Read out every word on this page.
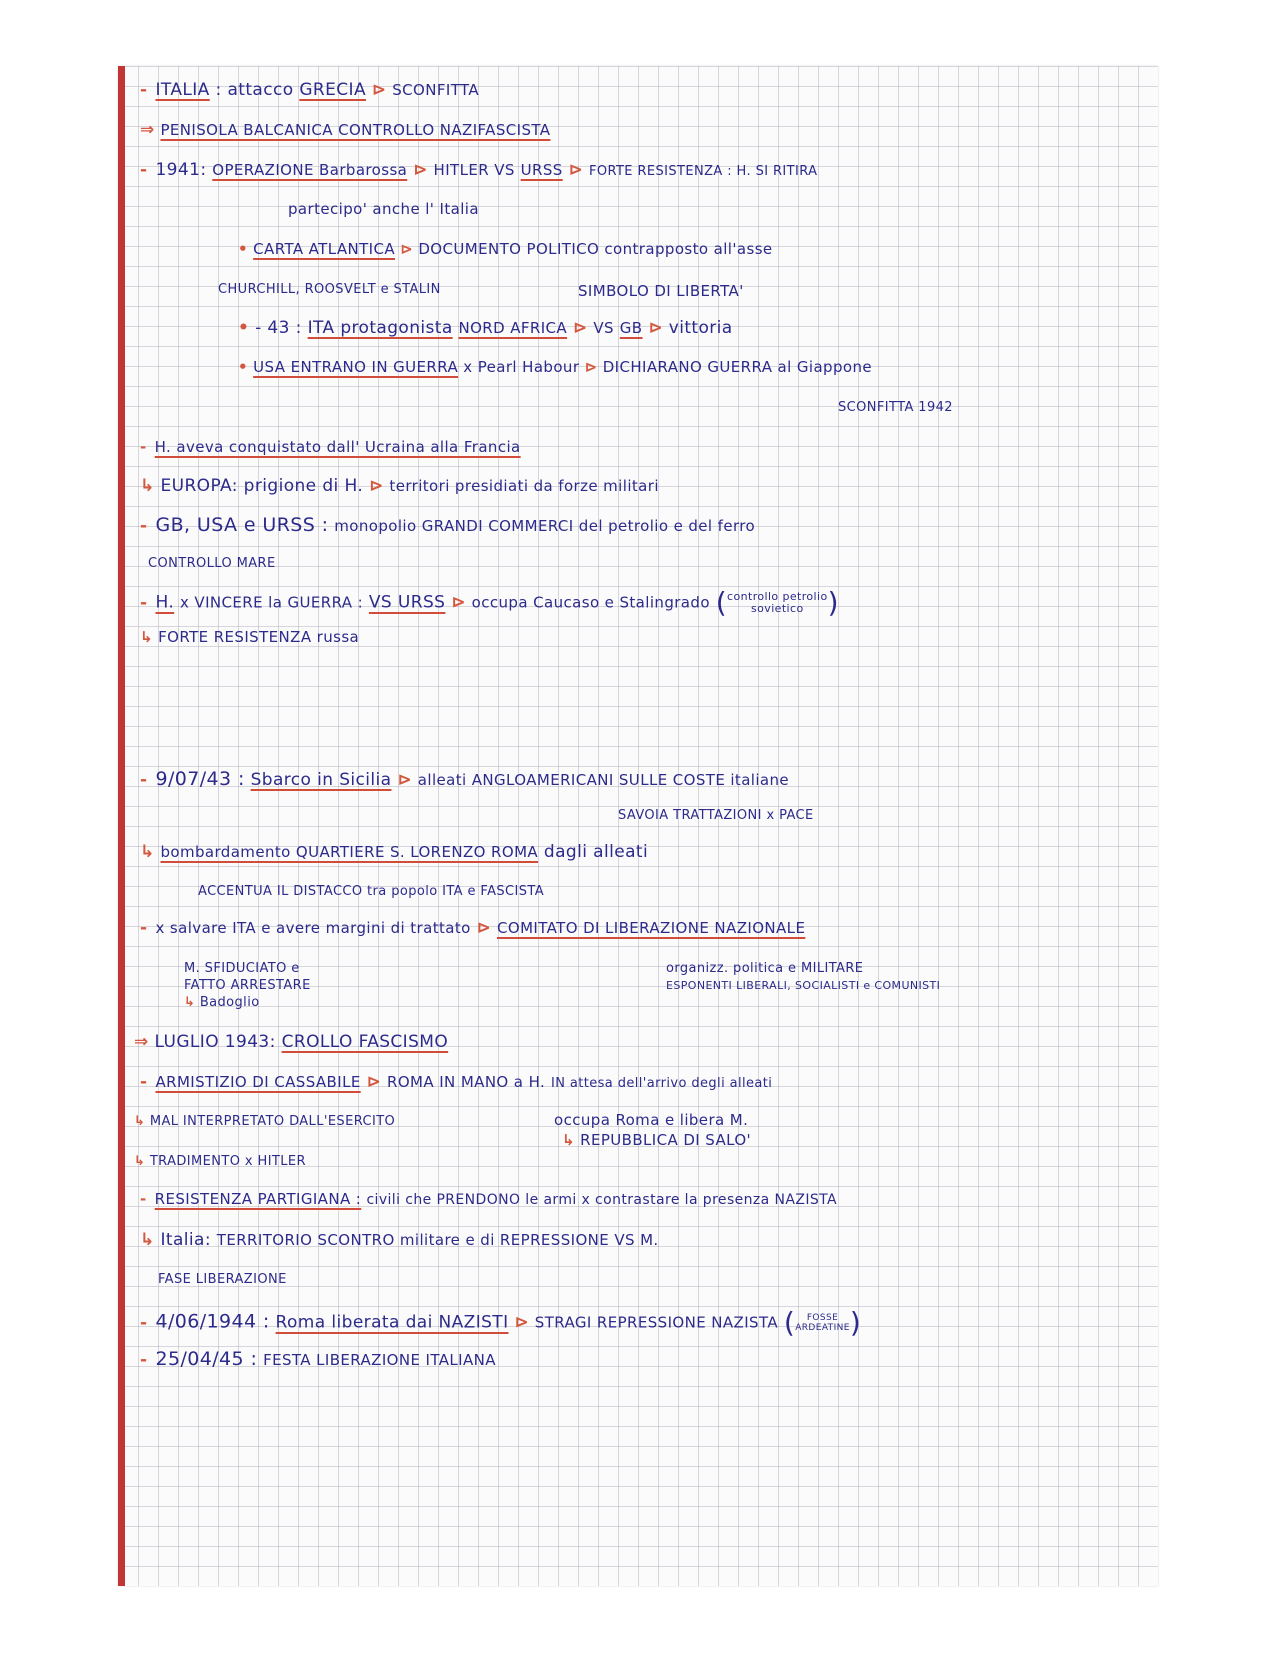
- ITALIA : attacco GRECIA ⊳ SCONFITTA
⇒ PENISOLA BALCANICA CONTROLLO NAZIFASCISTA
- 1941: OPERAZIONE Barbarossa ⊳ HITLER VS URSS ⊳ FORTE RESISTENZA : H. SI RITIRA
partecipo' anche l' Italia
• CARTA ATLANTICA ⊳ DOCUMENTO POLITICO contrapposto all'asse
CHURCHILL, ROOSVELT e STALIN	SIMBOLO DI LIBERTA'
• - 43 : ITA protagonista NORD AFRICA ⊳ VS GB ⊳ vittoria
• USA ENTRANO IN GUERRA x Pearl Habour ⊳ DICHIARANO GUERRA al Giappone
SCONFITTA 1942
- H. aveva conquistato dall' Ucraina alla Francia
↳ EUROPA: prigione di H. ⊳ territori presidiati da forze militari
- GB, USA e URSS : monopolio GRANDI COMMERCI del petrolio e del ferro
CONTROLLO MARE
- H. x VINCERE la GUERRA : VS URSS ⊳ occupa Caucaso e Stalingrado (controllo petrolio
sovietico )
↳ FORTE RESISTENZA russa
- 9/07/43 : Sbarco in Sicilia ⊳ alleati ANGLOAMERICANI SULLE COSTE italiane
SAVOIA TRATTAZIONI x PACE
↳ bombardamento QUARTIERE S. LORENZO ROMA dagli alleati
ACCENTUA IL DISTACCO tra popolo ITA e FASCISTA
- x salvare ITA e avere margini di trattato ⊳ COMITATO DI LIBERAZIONE NAZIONALE
M. SFIDUCIATO e
FATTO ARRESTARE
↳ Badoglio
organizz. politica e MILITARE
ESPONENTI LIBERALI, SOCIALISTI e COMUNISTI
⇒ LUGLIO 1943: CROLLO FASCISMO
- ARMISTIZIO DI CASSABILE ⊳ ROMA IN MANO a H. IN attesa dell'arrivo degli alleati
↳ MAL INTERPRETATO DALL'ESERCITO	occupa Roma e libera M.
↳ REPUBBLICA DI SALO'
↳ TRADIMENTO x HITLER
- RESISTENZA PARTIGIANA : civili che PRENDONO le armi x contrastare la presenza NAZISTA
↳ Italia: TERRITORIO SCONTRO militare e di REPRESSIONE VS M.
FASE LIBERAZIONE
- 4/06/1944 : Roma liberata dai NAZISTI ⊳ STRAGI REPRESSIONE NAZISTA ( FOSSE
ARDEATINE)
- 25/04/45 : FESTA LIBERAZIONE ITALIANA
